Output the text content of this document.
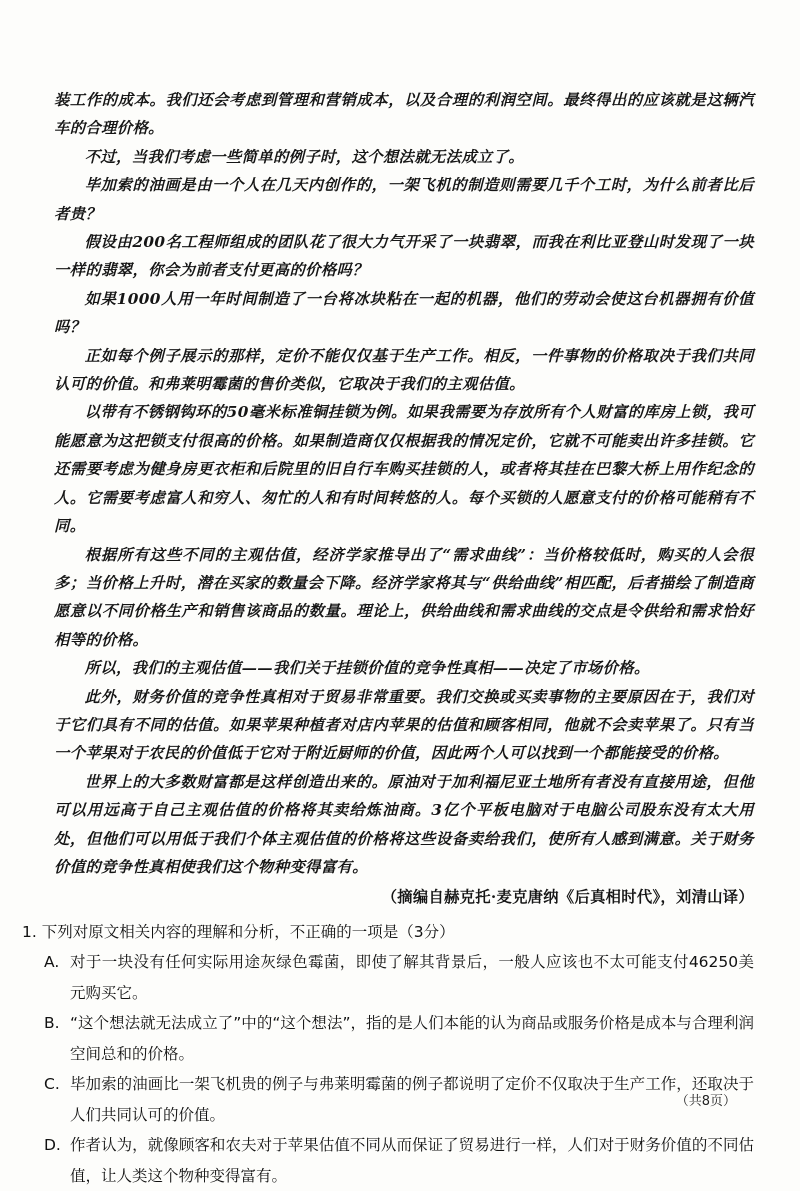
装工作的成本。我们还会考虑到管理和营销成本，以及合理的利润空间。最终得出的应该就是这辆汽车的合理价格。

不过，当我们考虑一些简单的例子时，这个想法就无法成立了。

毕加索的油画是由一个人在几天内创作的，一架飞机的制造则需要几千个工时，为什么前者比后者贵？

假设由200名工程师组成的团队花了很大力气开采了一块翡翠，而我在利比亚登山时发现了一块一样的翡翠，你会为前者支付更高的价格吗？

如果1000人用一年时间制造了一台将冰块粘在一起的机器，他们的劳动会使这台机器拥有价值吗？

正如每个例子展示的那样，定价不能仅仅基于生产工作。相反，一件事物的价格取决于我们共同认可的价值。和弗莱明霉菌的售价类似，它取决于我们的主观估值。

以带有不锈钢钩环的50毫米标准铜挂锁为例。如果我需要为存放所有个人财富的库房上锁，我可能愿意为这把锁支付很高的价格。如果制造商仅仅根据我的情况定价，它就不可能卖出许多挂锁。它还需要考虑为健身房更衣柜和后院里的旧自行车购买挂锁的人，或者将其挂在巴黎大桥上用作纪念的人。它需要考虑富人和穷人、匆忙的人和有时间转悠的人。每个买锁的人愿意支付的价格可能稍有不同。

根据所有这些不同的主观估值，经济学家推导出了“需求曲线”：当价格较低时，购买的人会很多；当价格上升时，潜在买家的数量会下降。经济学家将其与“供给曲线”相匹配，后者描绘了制造商愿意以不同价格生产和销售该商品的数量。理论上，供给曲线和需求曲线的交点是令供给和需求恰好相等的价格。

所以，我们的主观估值——我们关于挂锁价值的竞争性真相——决定了市场价格。

此外，财务价值的竞争性真相对于贸易非常重要。我们交换或买卖事物的主要原因在于，我们对于它们具有不同的估值。如果苹果种植者对店内苹果的估值和顾客相同，他就不会卖苹果了。只有当一个苹果对于农民的价值低于它对于附近厨师的价值，因此两个人可以找到一个都能接受的价格。

世界上的大多数财富都是这样创造出来的。原油对于加利福尼亚土地所有者没有直接用途，但他可以用远高于自己主观估值的价格将其卖给炼油商。3亿个平板电脑对于电脑公司股东没有太大用处，但他们可以用低于我们个体主观估值的价格将这些设备卖给我们，使所有人感到满意。关于财务价值的竞争性真相使我们这个物种变得富有。

（摘编自赫克托·麦克唐纳《后真相时代》，刘清山译）

1. 下列对原文相关内容的理解和分析，不正确的一项是（3分）

A. 对于一块没有任何实际用途灰绿色霉菌，即使了解其背景后，一般人应该也不太可能支付46250美元购买它。
B. “这个想法就无法成立了”中的“这个想法”，指的是人们本能的认为商品或服务价格是成本与合理利润空间总和的价格。
C. 毕加索的油画比一架飞机贵的例子与弗莱明霉菌的例子都说明了定价不仅取决于生产工作，还取决于人们共同认可的价值。
D. 作者认为，就像顾客和农夫对于苹果估值不同从而保证了贸易进行一样，人们对于财务价值的不同估值，让人类这个物种变得富有。
（共8页）
